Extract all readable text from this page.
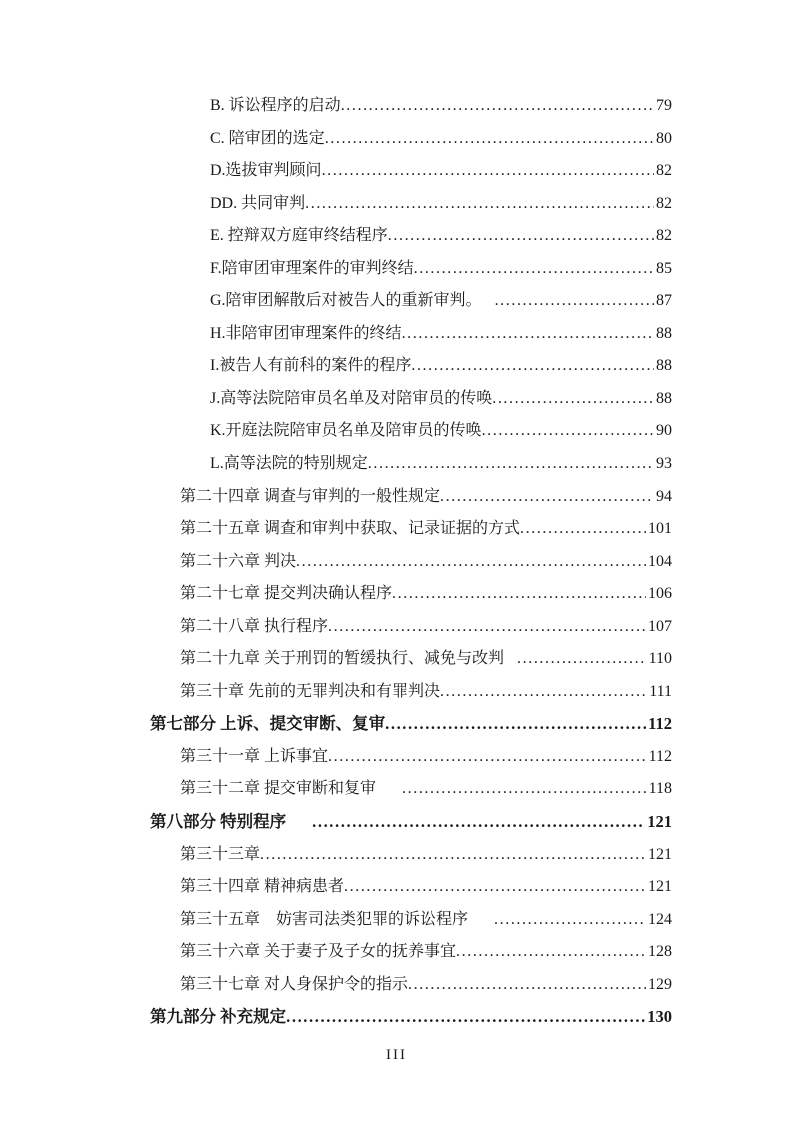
B. 诉讼程序的启动 .....	79
C. 陪审团的选定 .....	80
D.选拔审判顾问 .....	82
DD. 共同审判 .....	82
E. 控辩双方庭审终结程序 .....	82
F.陪审团审理案件的审判终结 .....	85
G.陪审团解散后对被告人的重新审判。 .....	87
H.非陪审团审理案件的终结 .....	88
I.被告人有前科的案件的程序 .....	88
J.高等法院陪审员名单及对陪审员的传唤 .....	88
K.开庭法院陪审员名单及陪审员的传唤 .....	90
L.高等法院的特别规定 .....	93
第二十四章 调查与审判的一般性规定 .....	94
第二十五章 调查和审判中获取、记录证据的方式 .....	101
第二十六章 判决 .....	104
第二十七章 提交判决确认程序 .....	106
第二十八章 执行程序 .....	107
第二十九章 关于刑罚的暂缓执行、减免与改判 .....	110
第三十章 先前的无罪判决和有罪判决 .....	111
第七部分 上诉、提交审断、复审 .....	112
第三十一章 上诉事宜 .....	112
第三十二章 提交审断和复审 .....	118
第八部分 特别程序 .....	121
第三十三章 .....	121
第三十四章 精神病患者 .....	121
第三十五章　妨害司法类犯罪的诉讼程序 .....	124
第三十六章 关于妻子及子女的抚养事宜 .....	128
第三十七章 对人身保护令的指示 .....	129
第九部分 补充规定 .....	130
III
